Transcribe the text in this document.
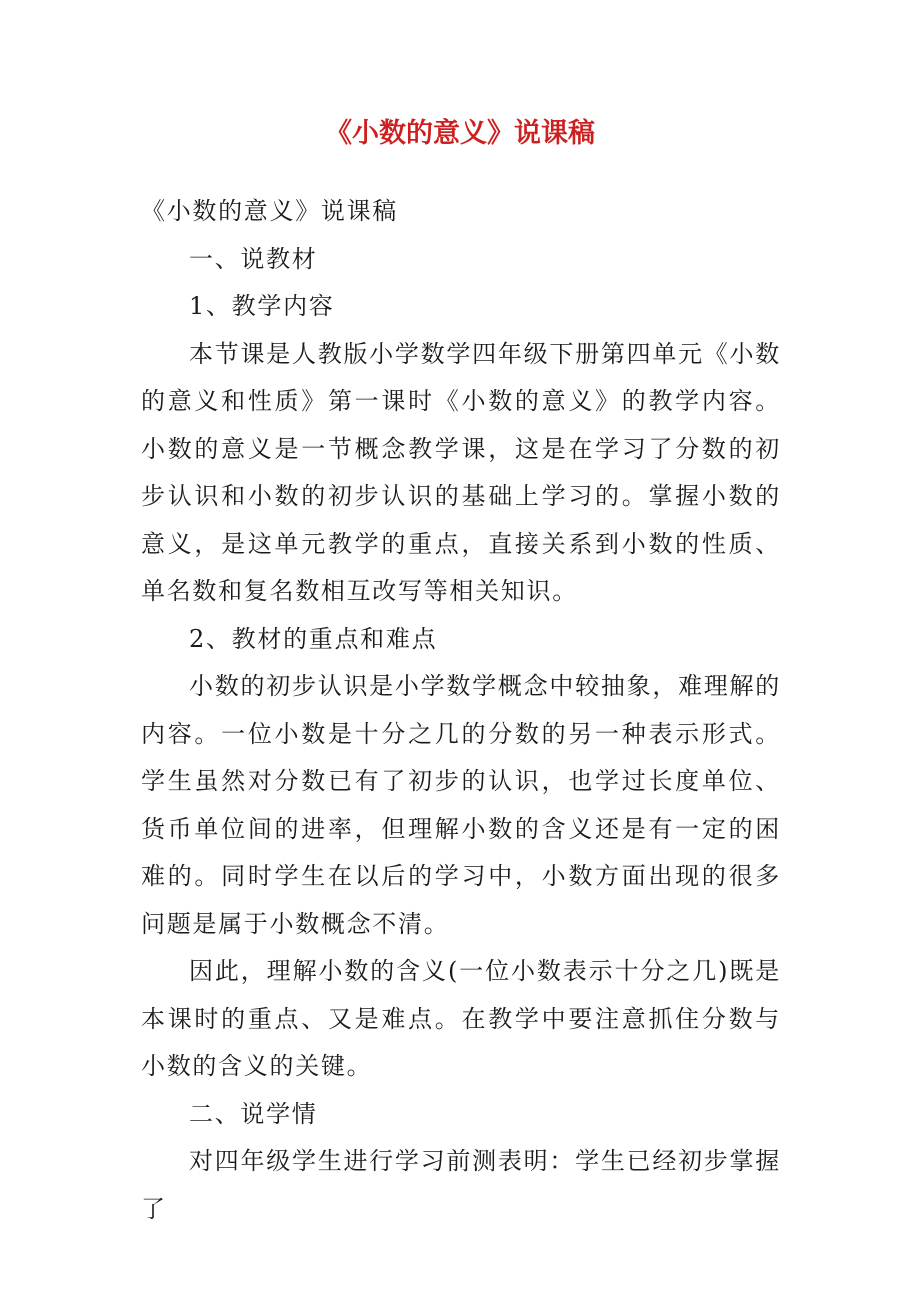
《小数的意义》说课稿

《小数的意义》说课稿

一、说教材

1、教学内容

本节课是人教版小学数学四年级下册第四单元《小数的意义和性质》第一课时《小数的意义》的教学内容。小数的意义是一节概念教学课，这是在学习了分数的初步认识和小数的初步认识的基础上学习的。掌握小数的意义，是这单元教学的重点，直接关系到小数的性质、单名数和复名数相互改写等相关知识。

2、教材的重点和难点

小数的初步认识是小学数学概念中较抽象，难理解的内容。一位小数是十分之几的分数的另一种表示形式。学生虽然对分数已有了初步的认识，也学过长度单位、货币单位间的进率，但理解小数的含义还是有一定的困难的。同时学生在以后的学习中，小数方面出现的很多问题是属于小数概念不清。

因此，理解小数的含义(一位小数表示十分之几)既是本课时的重点、又是难点。在教学中要注意抓住分数与小数的含义的关键。

二、说学情

对四年级学生进行学习前测表明：学生已经初步掌握了
